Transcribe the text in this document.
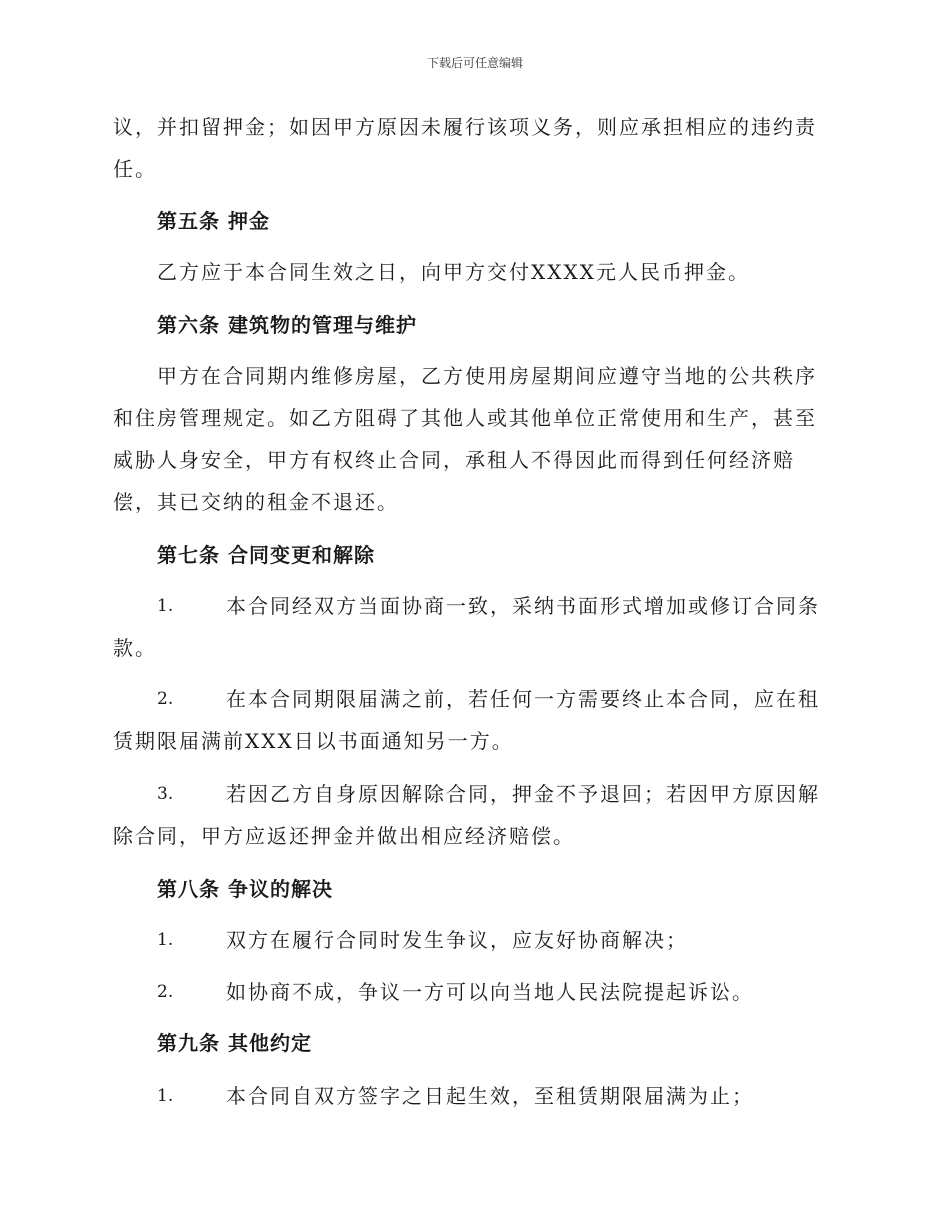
下载后可任意编辑

议，并扣留押金；如因甲方原因未履行该项义务，则应承担相应的违约责任。

第五条 押金

乙方应于本合同生效之日，向甲方交付XXXX元人民币押金。

第六条 建筑物的管理与维护

甲方在合同期内维修房屋，乙方使用房屋期间应遵守当地的公共秩序和住房管理规定。如乙方阻碍了其他人或其他单位正常使用和生产，甚至威胁人身安全，甲方有权终止合同，承租人不得因此而得到任何经济赔偿，其已交纳的租金不退还。

第七条 合同变更和解除
1.	本合同经双方当面协商一致，采纳书面形式增加或修订合同条款。

2.	在本合同期限届满之前，若任何一方需要终止本合同，应在租赁期限届满前XXX日以书面通知另一方。

3.	若因乙方自身原因解除合同，押金不予退回；若因甲方原因解除合同，甲方应返还押金并做出相应经济赔偿。

第八条 争议的解决
1.	双方在履行合同时发生争议，应友好协商解决；

2.	如协商不成，争议一方可以向当地人民法院提起诉讼。

第九条 其他约定
1.	本合同自双方签字之日起生效，至租赁期限届满为止；
